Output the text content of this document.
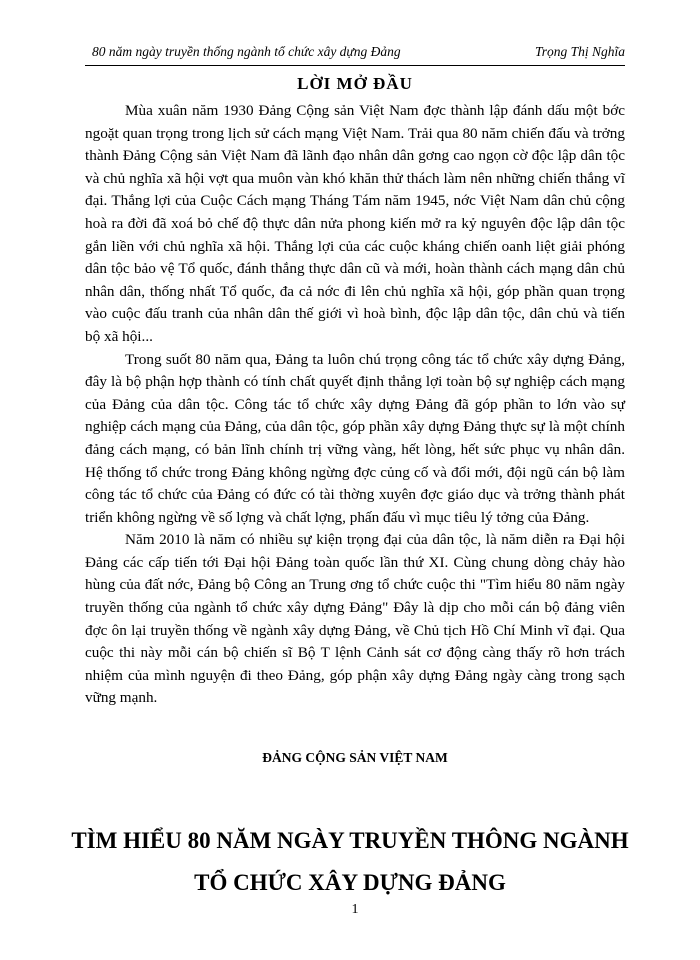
80 năm ngày truyền thống ngành tổ chức xây dựng Đảng	Trọng Thị Nghĩa
LỜI MỞ ĐẦU

Mùa xuân năm 1930 Đảng Cộng sản Việt Nam đợc thành lập đánh dấu một bớc ngoặt quan trọng trong lịch sử cách mạng Việt Nam. Trải qua 80 năm chiến đấu và trởng thành Đảng Cộng sản Việt Nam đã lãnh đạo nhân dân gơng cao ngọn cờ độc lập dân tộc và chủ nghĩa xã hội vợt qua muôn vàn khó khăn thử thách làm nên những chiến thắng vĩ đại. Thắng lợi của Cuộc Cách mạng Tháng Tám năm 1945, nớc Việt Nam dân chủ cộng hoà ra đời đã xoá bỏ chế độ thực dân nửa phong kiến mở ra kỷ nguyên độc lập dân tộc gắn liền với chủ nghĩa xã hội. Thắng lợi của các cuộc kháng chiến oanh liệt giải phóng dân tộc bảo vệ Tổ quốc, đánh thắng thực dân cũ và mới, hoàn thành cách mạng dân chủ nhân dân, thống nhất Tổ quốc, đa cả nớc đi lên chủ nghĩa xã hội, góp phần quan trọng vào cuộc đấu tranh của nhân dân thế giới vì hoà bình, độc lập dân tộc, dân chủ và tiến bộ xã hội...

Trong suốt 80 năm qua, Đảng ta luôn chú trọng công tác tổ chức xây dựng Đảng, đây là bộ phận hợp thành có tính chất quyết định thắng lợi toàn bộ sự nghiệp cách mạng của Đảng của dân tộc. Công tác tổ chức xây dựng Đảng đã góp phần to lớn vào sự nghiệp cách mạng của Đảng, của dân tộc, góp phần xây dựng Đảng thực sự là một chính đảng cách mạng, có bản lĩnh chính trị vững vàng, hết lòng, hết sức phục vụ nhân dân. Hệ thống tổ chức trong Đảng không ngừng đợc củng cố và đổi mới, đội ngũ cán bộ làm công tác tổ chức của Đảng có đức có tài thờng xuyên đợc giáo dục và trởng thành phát triển không ngừng về số lợng và chất lợng, phấn đấu vì mục tiêu lý tởng của Đảng.

Năm 2010 là năm có nhiều sự kiện trọng đại của dân tộc, là năm diễn ra Đại hội Đảng các cấp tiến tới Đại hội Đảng toàn quốc lần thứ XI. Cùng chung dòng chảy hào hùng của đất nớc, Đảng bộ Công an Trung ơng tổ chức cuộc thi "Tìm hiểu 80 năm ngày truyền thống của ngành tổ chức xây dựng Đảng" Đây là dịp cho mỗi cán bộ đảng viên đợc ôn lại truyền thống về ngành xây dựng Đảng, về Chủ tịch Hồ Chí Minh vĩ đại. Qua cuộc thi này mỗi cán bộ chiến sĩ Bộ T lệnh Cảnh sát cơ động càng thấy rõ hơn trách nhiệm của mình nguyện đi theo Đảng, góp phận xây dựng Đảng ngày càng trong sạch vững mạnh.

ĐẢNG CỘNG SẢN VIỆT NAM
TÌM HIỂU 80 NĂM NGÀY TRUYỀN THÔNG NGÀNH
TỔ CHỨC XÂY DỰNG ĐẢNG
1
